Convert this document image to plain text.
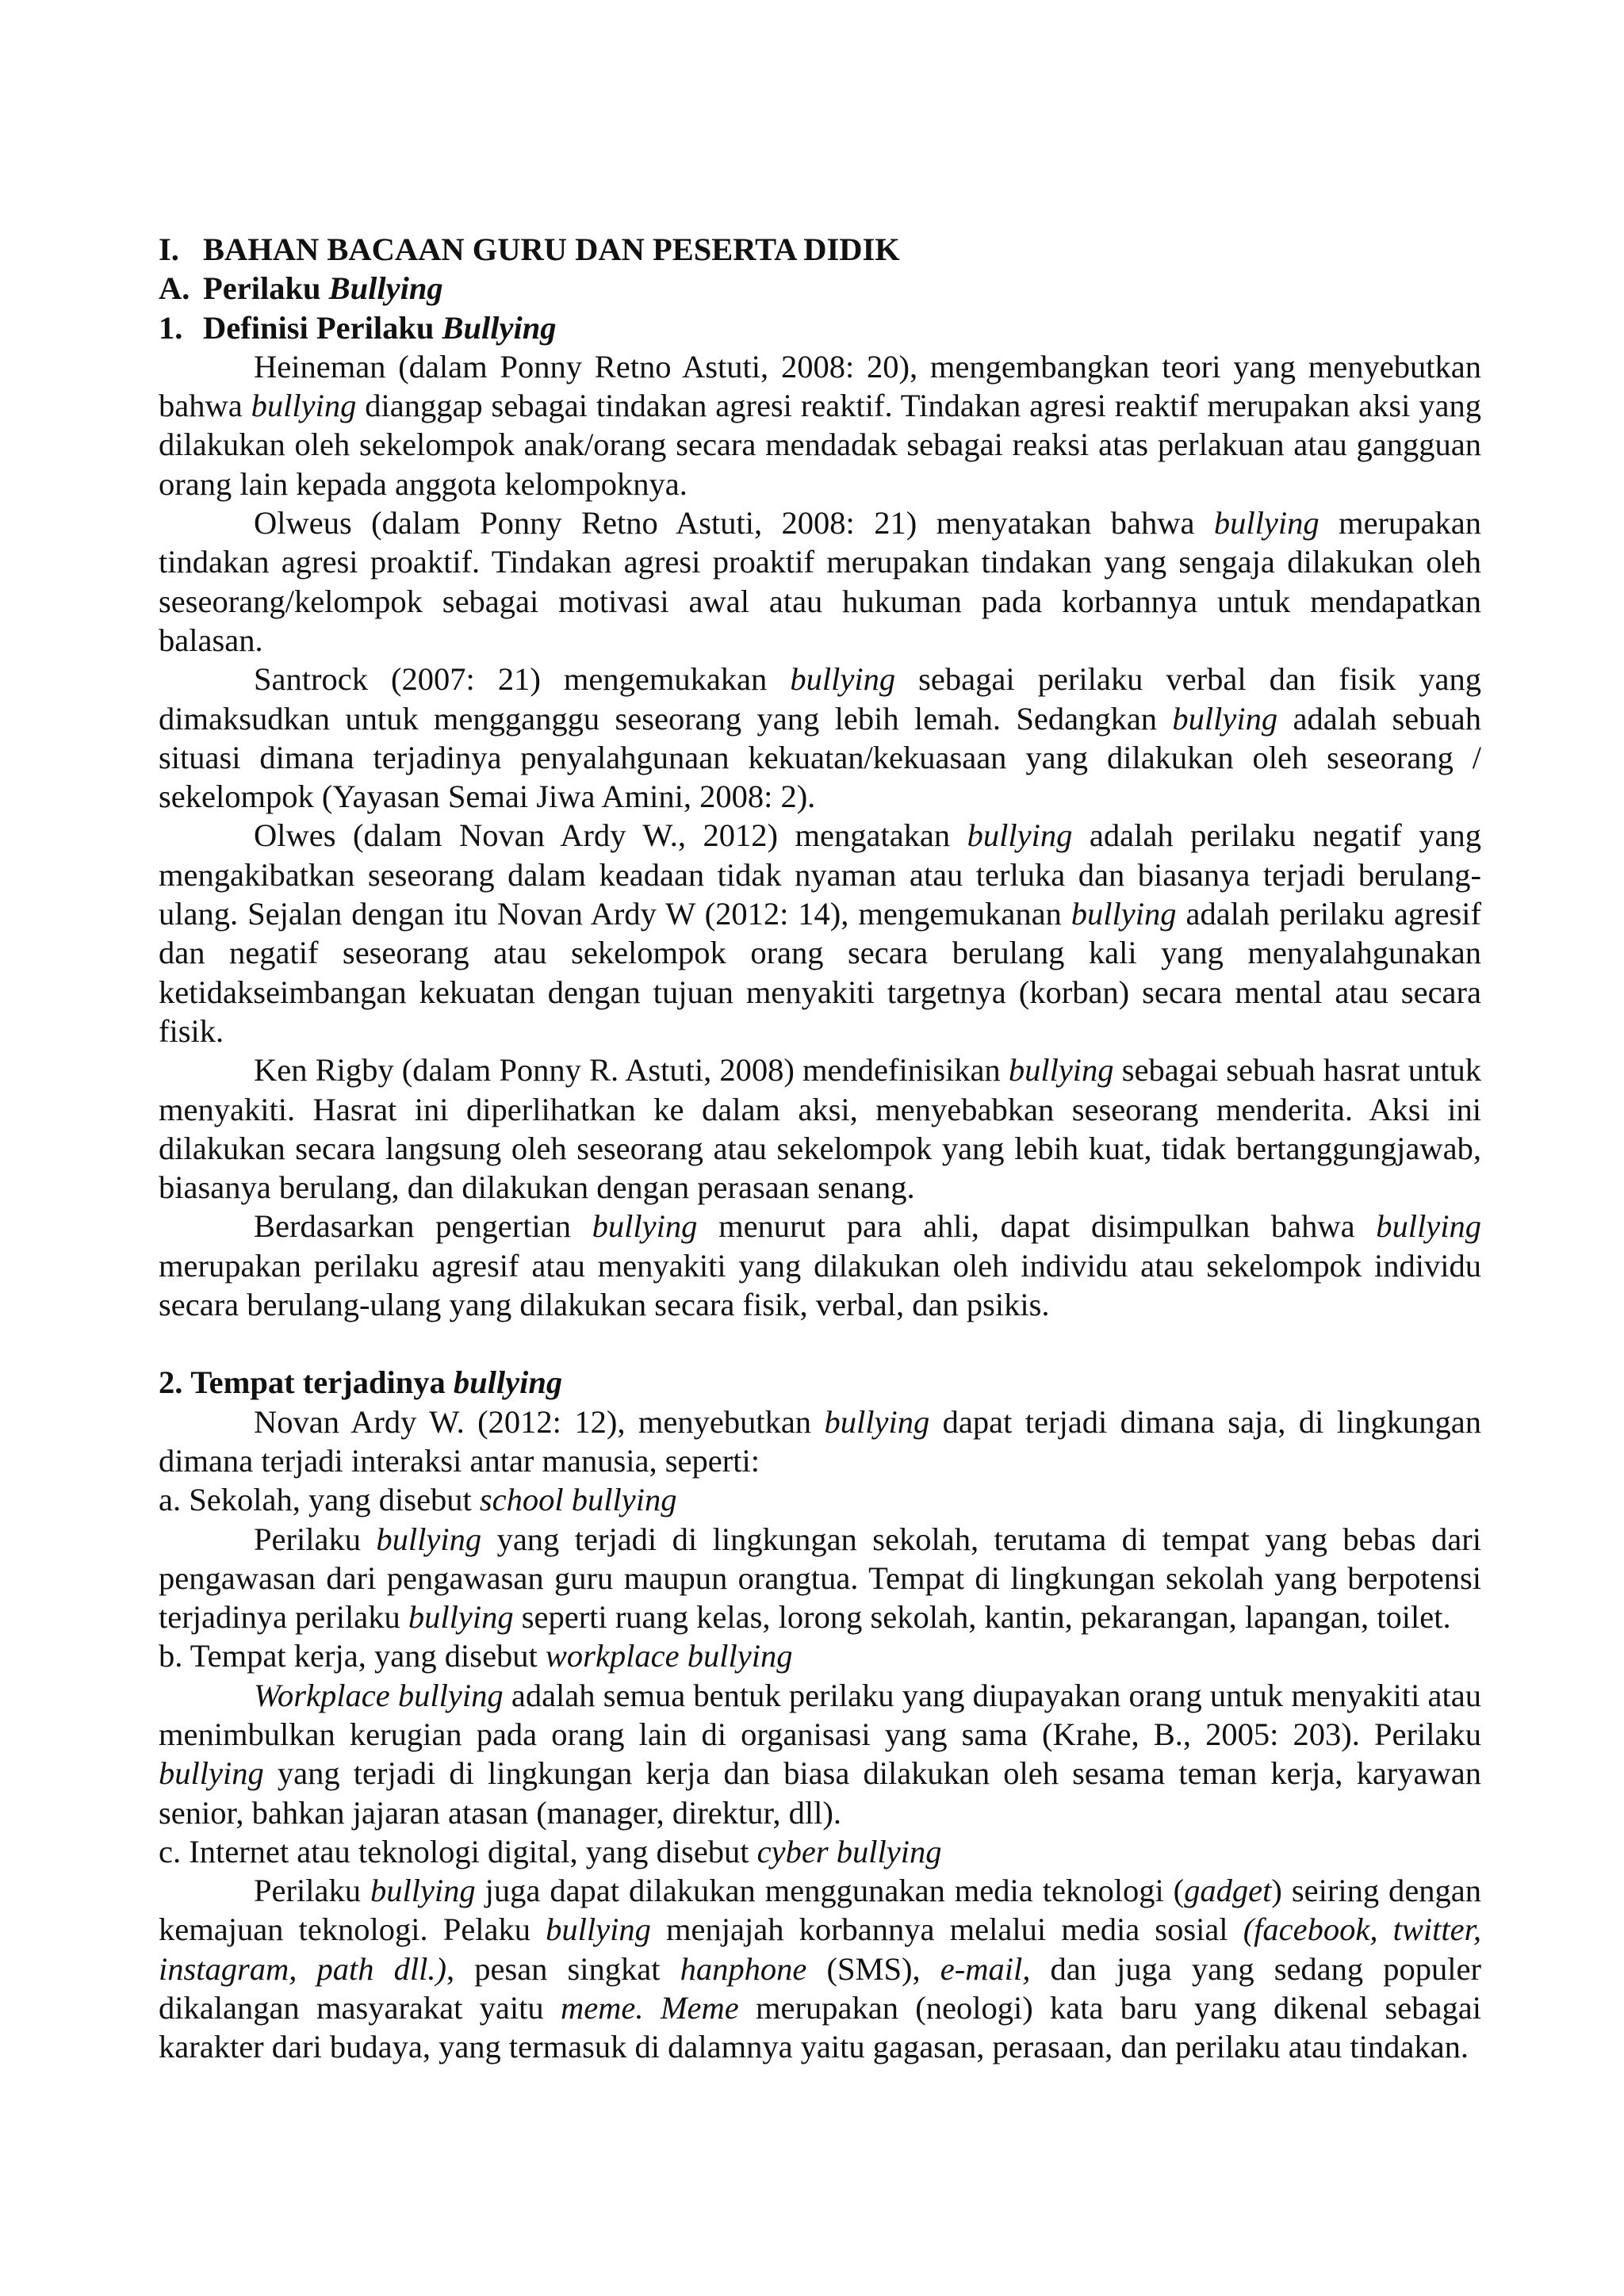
I. BAHAN BACAAN GURU DAN PESERTA DIDIK

A. Perilaku Bullying

1. Definisi Perilaku Bullying

Heineman (dalam Ponny Retno Astuti, 2008: 20), mengembangkan teori yang menyebutkan bahwa bullying dianggap sebagai tindakan agresi reaktif. Tindakan agresi reaktif merupakan aksi yang dilakukan oleh sekelompok anak/orang secara mendadak sebagai reaksi atas perlakuan atau gangguan orang lain kepada anggota kelompoknya.

Olweus (dalam Ponny Retno Astuti, 2008: 21) menyatakan bahwa bullying merupakan tindakan agresi proaktif. Tindakan agresi proaktif merupakan tindakan yang sengaja dilakukan oleh seseorang/kelompok sebagai motivasi awal atau hukuman pada korbannya untuk mendapatkan balasan.

Santrock (2007: 21) mengemukakan bullying sebagai perilaku verbal dan fisik yang dimaksudkan untuk mengganggu seseorang yang lebih lemah. Sedangkan bullying adalah sebuah situasi dimana terjadinya penyalahgunaan kekuatan/kekuasaan yang dilakukan oleh seseorang / sekelompok (Yayasan Semai Jiwa Amini, 2008: 2).

Olwes (dalam Novan Ardy W., 2012) mengatakan bullying adalah perilaku negatif yang mengakibatkan seseorang dalam keadaan tidak nyaman atau terluka dan biasanya terjadi berulang-ulang. Sejalan dengan itu Novan Ardy W (2012: 14), mengemukanan bullying adalah perilaku agresif dan negatif seseorang atau sekelompok orang secara berulang kali yang menyalahgunakan ketidakseimbangan kekuatan dengan tujuan menyakiti targetnya (korban) secara mental atau secara fisik.

Ken Rigby (dalam Ponny R. Astuti, 2008) mendefinisikan bullying sebagai sebuah hasrat untuk menyakiti. Hasrat ini diperlihatkan ke dalam aksi, menyebabkan seseorang menderita. Aksi ini dilakukan secara langsung oleh seseorang atau sekelompok yang lebih kuat, tidak bertanggungjawab, biasanya berulang, dan dilakukan dengan perasaan senang.

Berdasarkan pengertian bullying menurut para ahli, dapat disimpulkan bahwa bullying merupakan perilaku agresif atau menyakiti yang dilakukan oleh individu atau sekelompok individu secara berulang-ulang yang dilakukan secara fisik, verbal, dan psikis.

2. Tempat terjadinya bullying

Novan Ardy W. (2012: 12), menyebutkan bullying dapat terjadi dimana saja, di lingkungan dimana terjadi interaksi antar manusia, seperti:

a. Sekolah, yang disebut school bullying

Perilaku bullying yang terjadi di lingkungan sekolah, terutama di tempat yang bebas dari pengawasan dari pengawasan guru maupun orangtua. Tempat di lingkungan sekolah yang berpotensi terjadinya perilaku bullying seperti ruang kelas, lorong sekolah, kantin, pekarangan, lapangan, toilet.

b. Tempat kerja, yang disebut workplace bullying

Workplace bullying adalah semua bentuk perilaku yang diupayakan orang untuk menyakiti atau menimbulkan kerugian pada orang lain di organisasi yang sama (Krahe, B., 2005: 203). Perilaku bullying yang terjadi di lingkungan kerja dan biasa dilakukan oleh sesama teman kerja, karyawan senior, bahkan jajaran atasan (manager, direktur, dll).

c. Internet atau teknologi digital, yang disebut cyber bullying

Perilaku bullying juga dapat dilakukan menggunakan media teknologi (gadget) seiring dengan kemajuan teknologi. Pelaku bullying menjajah korbannya melalui media sosial (facebook, twitter, instagram, path dll.), pesan singkat hanphone (SMS), e-mail, dan juga yang sedang populer dikalangan masyarakat yaitu meme. Meme merupakan (neologi) kata baru yang dikenal sebagai karakter dari budaya, yang termasuk di dalamnya yaitu gagasan, perasaan, dan perilaku atau tindakan.
